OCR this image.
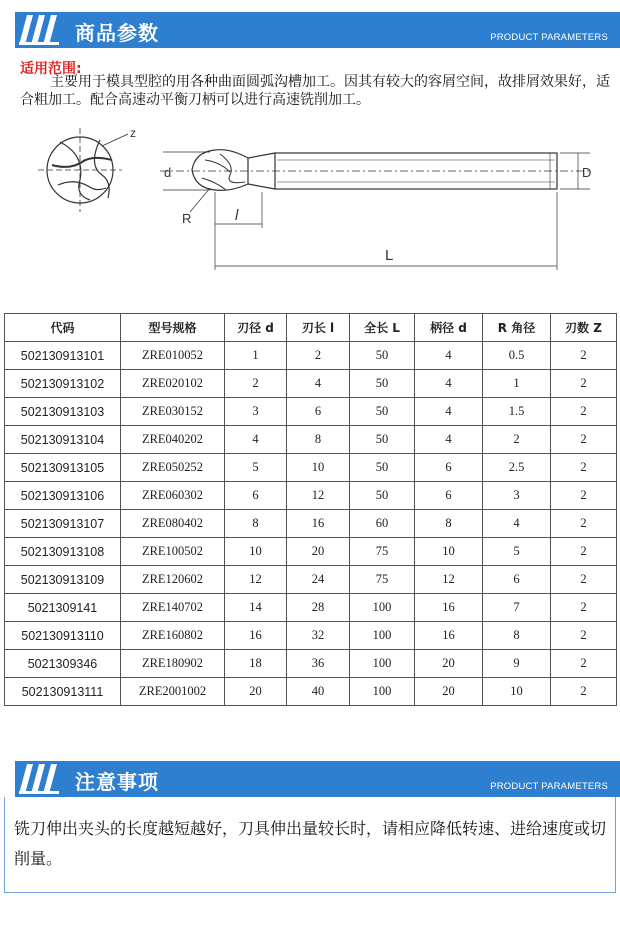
商品参数	PRODUCT PARAMETERS
适用范围:
主要用于模具型腔的用各种曲面圆弧沟槽加工。因其有较大的容屑空间，故排屑效果好，适合粗加工。配合高速动平衡刀柄可以进行高速铣削加工。
z
d
R	l
L
D
代码	型号规格	刃径 d	刃长 l	全长 L	柄径 d	R 角径	刃数 Z
502130913101	ZRE010052	1	2	50	4	0.5	2
502130913102	ZRE020102	2	4	50	4	1	2
502130913103	ZRE030152	3	6	50	4	1.5	2
502130913104	ZRE040202	4	8	50	4	2	2
502130913105	ZRE050252	5	10	50	6	2.5	2
502130913106	ZRE060302	6	12	50	6	3	2
502130913107	ZRE080402	8	16	60	8	4	2
502130913108	ZRE100502	10	20	75	10	5	2
502130913109	ZRE120602	12	24	75	12	6	2
5021309141	ZRE140702	14	28	100	16	7	2
502130913110	ZRE160802	16	32	100	16	8	2
5021309346	ZRE180902	18	36	100	20	9	2
502130913111	ZRE2001002	20	40	100	20	10	2
注意事项	PRODUCT PARAMETERS
铣刀伸出夹头的长度越短越好，刀具伸出量较长时，请相应降低转速、进给速度或切削量。
